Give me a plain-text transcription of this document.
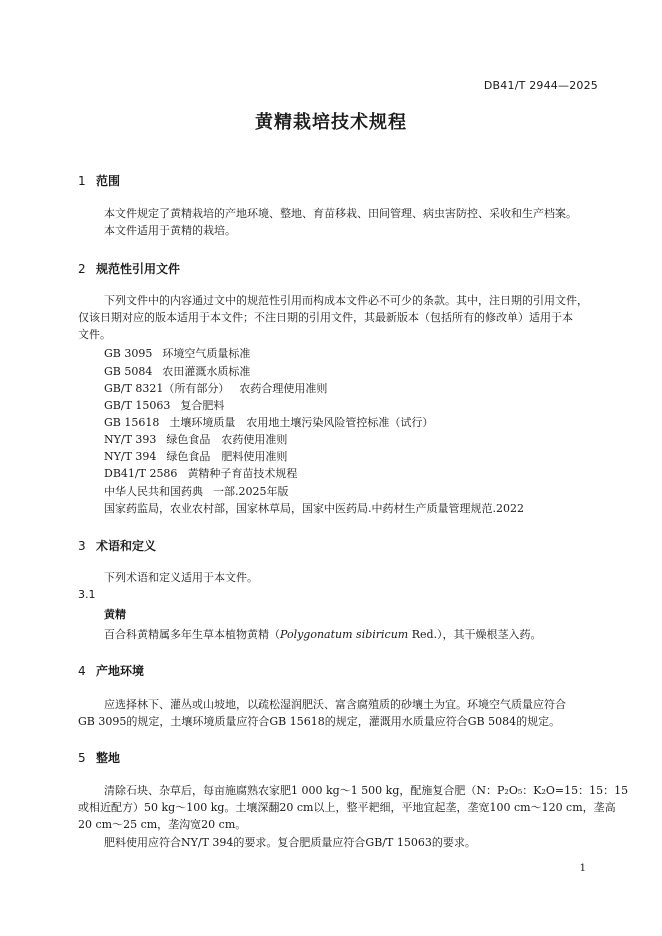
DB41/T 2944—2025
黄精栽培技术规程
1 范围
本文件规定了黄精栽培的产地环境、整地、育苗移栽、田间管理、病虫害防控、采收和生产档案。
本文件适用于黄精的栽培。
2 规范性引用文件
下列文件中的内容通过文中的规范性引用而构成本文件必不可少的条款。其中，注日期的引用文件，
仅该日期对应的版本适用于本文件；不注日期的引用文件，其最新版本（包括所有的修改单）适用于本
文件。
GB 3095 环境空气质量标准
GB 5084 农田灌溉水质标准
GB/T 8321（所有部分） 农药合理使用准则
GB/T 15063 复合肥料
GB 15618 土壤环境质量　农用地土壤污染风险管控标准（试行）
NY/T 393 绿色食品　农药使用准则
NY/T 394 绿色食品　肥料使用准则
DB41/T 2586 黄精种子育苗技术规程
中华人民共和国药典 一部.2025年版
国家药监局，农业农村部，国家林草局，国家中医药局.中药材生产质量管理规范.2022
3 术语和定义
下列术语和定义适用于本文件。
3.1
黄精
百合科黄精属多年生草本植物黄精（Polygonatum sibiricum Red.），其干燥根茎入药。
4 产地环境
应选择林下、灌丛或山坡地，以疏松湿润肥沃、富含腐殖质的砂壤土为宜。环境空气质量应符合
GB 3095的规定，土壤环境质量应符合GB 15618的规定，灌溉用水质量应符合GB 5084的规定。
5 整地
清除石块、杂草后，每亩施腐熟农家肥1 000 kg～1 500 kg，配施复合肥（N：P₂O₅：K₂O=15：15：15
或相近配方）50 kg～100 kg。土壤深翻20 cm以上，整平耙细，平地宜起垄，垄宽100 cm～120 cm，垄高
20 cm～25 cm，垄沟宽20 cm。
肥料使用应符合NY/T 394的要求。复合肥质量应符合GB/T 15063的要求。
1
